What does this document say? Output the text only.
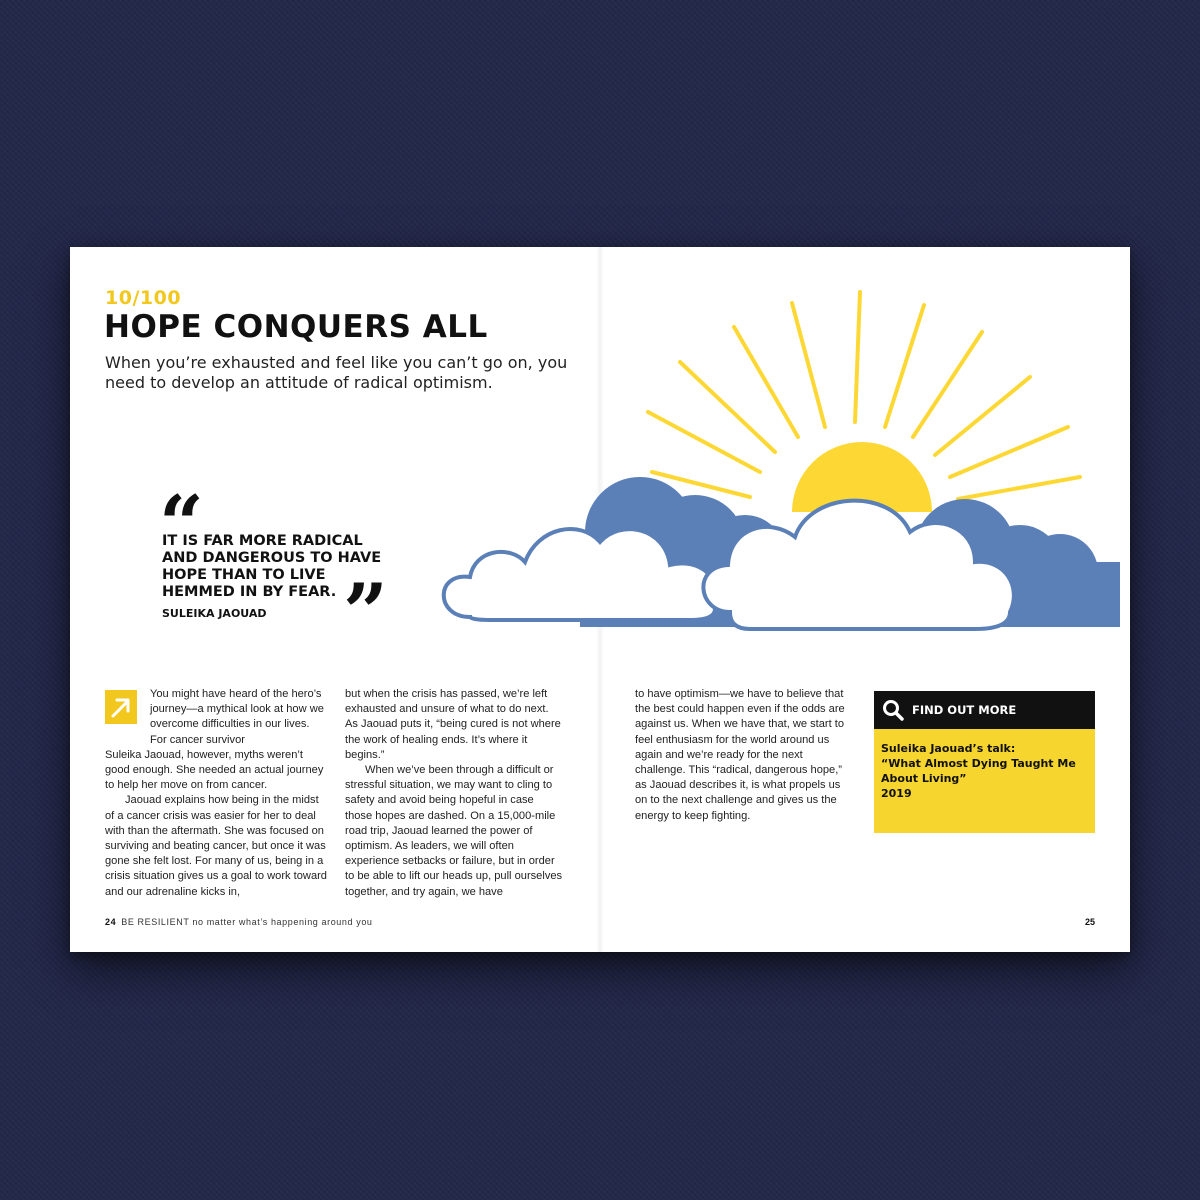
10/100
HOPE CONQUERS ALL
When you’re exhausted and feel like you can’t go on, you need to develop an attitude of radical optimism.
“
IT IS FAR MORE RADICAL AND DANGEROUS TO HAVE HOPE THAN TO LIVE HEMMED IN BY FEAR. ”
SULEIKA JAOUAD

You might have heard of the hero’s journey—a mythical look at how we overcome difficulties in our lives. For cancer survivor

Suleika Jaouad, however, myths weren’t good enough. She needed an actual journey to help her move on from cancer.

Jaouad explains how being in the midst of a cancer crisis was easier for her to deal with than the aftermath. She was focused on surviving and beating cancer, but once it was gone she felt lost. For many of us, being in a crisis situation gives us a goal to work toward and our adrenaline kicks in,

but when the crisis has passed, we’re left exhausted and unsure of what to do next. As Jaouad puts it, “being cured is not where the work of healing ends. It’s where it begins.”

When we’ve been through a difficult or stressful situation, we may want to cling to safety and avoid being hopeful in case those hopes are dashed. On a 15,000-mile road trip, Jaouad learned the power of optimism. As leaders, we will often experience setbacks or failure, but in order to be able to lift our heads up, pull ourselves together, and try again, we have

to have optimism—we have to believe that the best could happen even if the odds are against us. When we have that, we start to feel enthusiasm for the world around us again and we’re ready for the next challenge. This “radical, dangerous hope,” as Jaouad describes it, is what propels us on to the next challenge and gives us the energy to keep fighting.

FIND OUT MORE
Suleika Jaouad’s talk:
“What Almost Dying Taught Me About Living”
2019
24 BE RESILIENT no matter what’s happening around you	25
